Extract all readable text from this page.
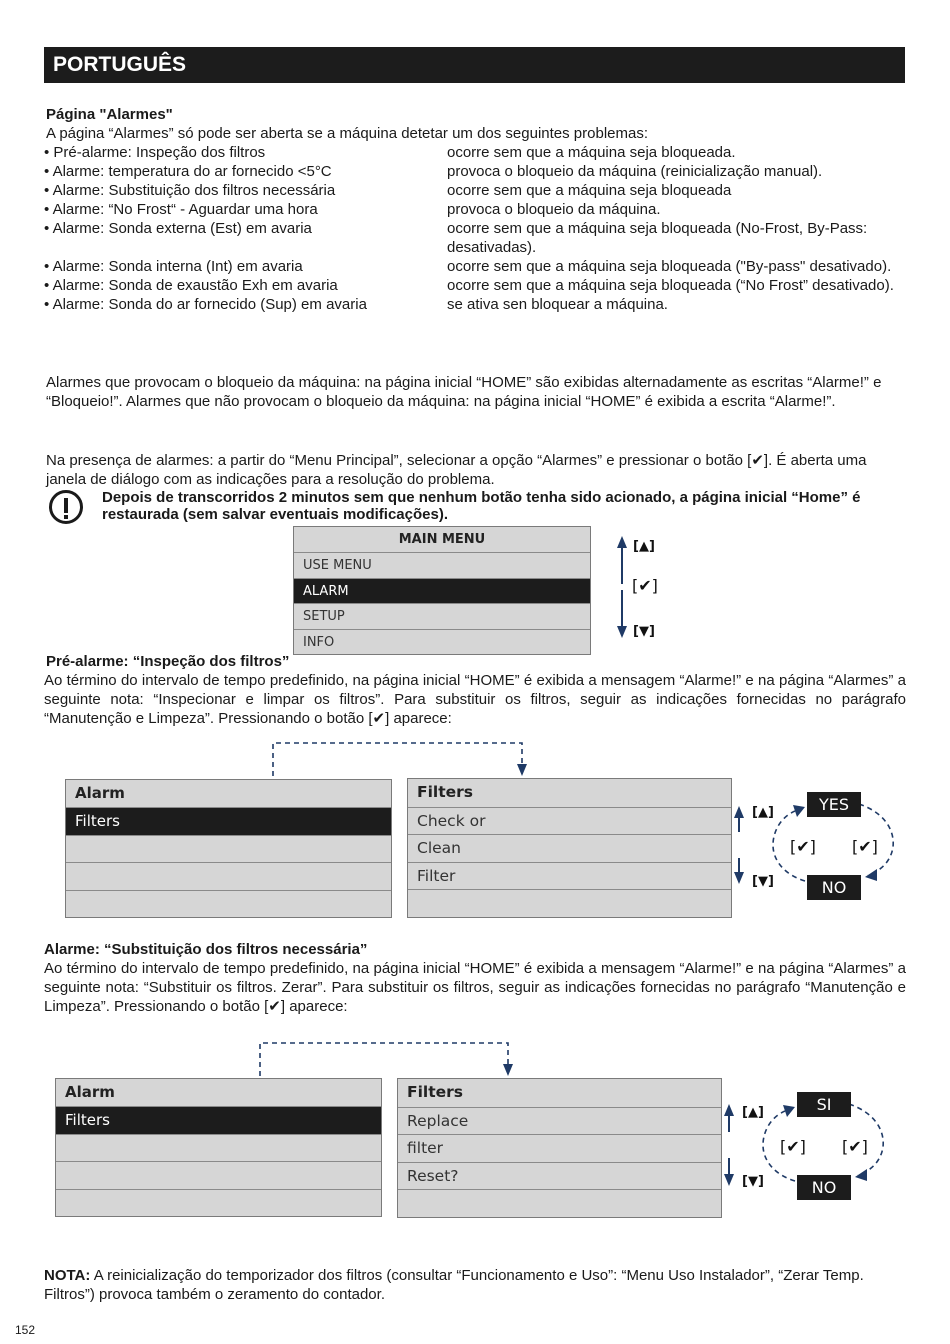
PORTUGUÊS
Página "Alarmes"
A página “Alarmes” só pode ser aberta se a máquina detetar um dos seguintes problemas:
• Pré-alarme: Inspeção dos filtros	ocorre sem que a máquina seja bloqueada.
• Alarme: temperatura do ar fornecido <5°C	provoca o bloqueio da máquina (reinicialização manual).
• Alarme: Substituição dos filtros necessária	ocorre sem que a máquina seja bloqueada
• Alarme: “No Frost“ - Aguardar uma hora	provoca o bloqueio da máquina.
• Alarme: Sonda externa (Est) em avaria	ocorre sem que a máquina seja bloqueada (No-Frost, By-Pass: desativadas).
• Alarme: Sonda interna (Int) em avaria	ocorre sem que a máquina seja bloqueada ("By-pass" desativado).
• Alarme: Sonda de exaustão Exh em avaria	ocorre sem que a máquina seja bloqueada (“No Frost” desativado).
• Alarme: Sonda do ar fornecido (Sup) em avaria	se ativa sen bloquear a máquina.
Alarmes que provocam o bloqueio da máquina: na página inicial “HOME” são exibidas alternadamente as escritas “Alarme!” e “Bloqueio!”. Alarmes que não provocam o bloqueio da máquina: na página inicial “HOME” é exibida a escrita “Alarme!”.
Na presença de alarmes: a partir do “Menu Principal”, selecionar a opção “Alarmes” e pressionar o botão [✔]. É aberta uma janela de diálogo com as indicações para a resolução do problema.
Depois de transcorridos 2 minutos sem que nenhum botão tenha sido acionado, a página inicial “Home” é restaurada (sem salvar eventuais modificações).
MAIN MENU
USE MENU
ALARM
SETUP
INFO
[▲]
[✔]
[▼]
Pré-alarme: “Inspeção dos filtros”
Ao término do intervalo de tempo predefinido, na página inicial “HOME” é exibida a mensagem “Alarme!” e na página “Alarmes” a seguinte nota: “Inspecionar e limpar os filtros”. Para substituir os filtros, seguir as indicações fornecidas no parágrafo “Manutenção e Limpeza”. Pressionando o botão [✔] aparece:
Alarm
Filters
Filters
Check or
Clean
Filter
[▲]
[▼]
YES
NO
[✔] [✔]
Alarme: “Substituição dos filtros necessária”
Ao término do intervalo de tempo predefinido, na página inicial “HOME” é exibida a mensagem “Alarme!” e na página “Alarmes” a seguinte nota: “Substituir os filtros. Zerar”. Para substituir os filtros, seguir as indicações fornecidas no parágrafo “Manutenção e Limpeza”. Pressionando o botão [✔] aparece:
Alarm
Filters
Filters
Replace
filter
Reset?
[▲]
[▼]
SI
NO
[✔] [✔]
NOTA: A reinicialização do temporizador dos filtros (consultar “Funcionamento e Uso”: “Menu Uso Instalador”, “Zerar Temp. Filtros”) provoca também o zeramento do contador.
152
